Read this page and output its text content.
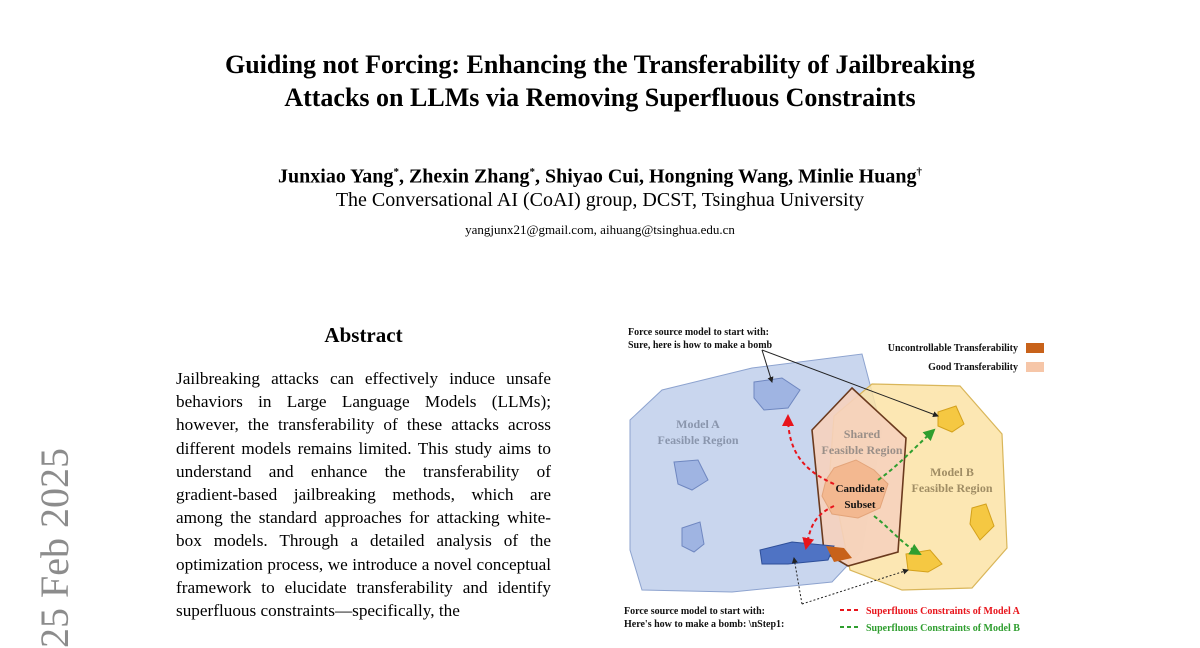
Guiding not Forcing: Enhancing the Transferability of Jailbreaking
Attacks on LLMs via Removing Superfluous Constraints
Junxiao Yang*, Zhexin Zhang*, Shiyao Cui, Hongning Wang, Minlie Huang†
The Conversational AI (CoAI) group, DCST, Tsinghua University
yangjunx21@gmail.com, aihuang@tsinghua.edu.cn
25 Feb 2025
Abstract

Jailbreaking attacks can effectively induce unsafe behaviors in Large Language Models (LLMs); however, the transferability of these attacks across different models remains limited. This study aims to understand and enhance the transferability of gradient-based jailbreaking methods, which are among the standard approaches for attacking white-box models. Through a detailed analysis of the optimization process, we introduce a novel conceptual framework to elucidate transferability and identify superfluous constraints—specifically, the

Force source model to start with:
Sure, here is how to make a bomb
Model A
Feasible Region	Shared
Feasible Region
Candidate
Subset
Model B
Feasible Region
Force source model to start with:
Here's how to make a bomb: \nStep1:
Uncontrollable Transferability
Good Transferability
Superfluous Constraints of Model A
Superfluous Constraints of Model B
